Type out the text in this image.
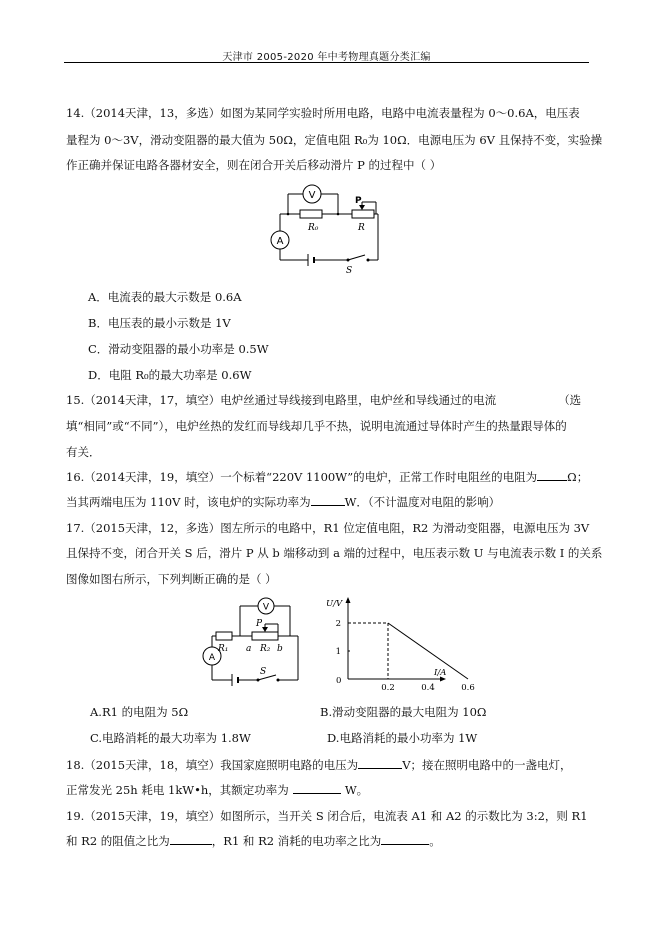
天津市 2005-2020 年中考物理真题分类汇编
14.（2014天津，13，多选）如图为某同学实验时所用电路，电路中电流表量程为 0～0.6A，电压表
量程为 0～3V，滑动变阻器的最大值为 50Ω，定值电阻 R₀为 10Ω．电源电压为 6V 且保持不变，实验操
作正确并保证电路各器材安全，则在闭合开关后移动滑片 P 的过程中（ ）
V
A
P
R₀	R
S
A．电流表的最大示数是 0.6A
B．电压表的最小示数是 1V
C．滑动变阻器的最小功率是 0.5W
D．电阻 R₀的最大功率是 0.6W
15.（2014天津，17，填空）电炉丝通过导线接到电路里，电炉丝和导线通过的电流	（选
填“相同”或“不同”），电炉丝热的发红而导线却几乎不热，说明电流通过导体时产生的热量跟导体的
有关．
16.（2014天津，19，填空）一个标着“220V 1100W”的电炉，正常工作时电阻丝的电阻为	Ω；
当其两端电压为 110V 时，该电炉的实际功率为	W．（不计温度对电阻的影响）
17.（2015天津，12，多选）图左所示的电路中，R1 位定值电阻，R2 为滑动变阻器，电源电压为 3V
且保持不变，闭合开关 S 后，滑片 P 从 b 端移动到 a 端的过程中，电压表示数 U 与电流表示数 I 的关系
图像如图右所示，下列判断正确的是（ ）
V
A
P
R₁ a R₂ b
S
U/V
I/A
0
0.2	0.4	0.6
1
2
A.R1 的电阻为 5Ω	B.滑动变阻器的最大电阻为 10Ω
C.电路消耗的最大功率为 1.8W	D.电路消耗的最小功率为 1W
18.（2015天津，18，填空）我国家庭照明电路的电压为	V；接在照明电路中的一盏电灯，
正常发光 25h 耗电 1kW•h，其额定功率为	W。
19.（2015天津，19，填空）如图所示，当开关 S 闭合后，电流表 A1 和 A2 的示数比为 3:2，则 R1
和 R2 的阻值之比为	，R1 和 R2 消耗的电功率之比为	。
